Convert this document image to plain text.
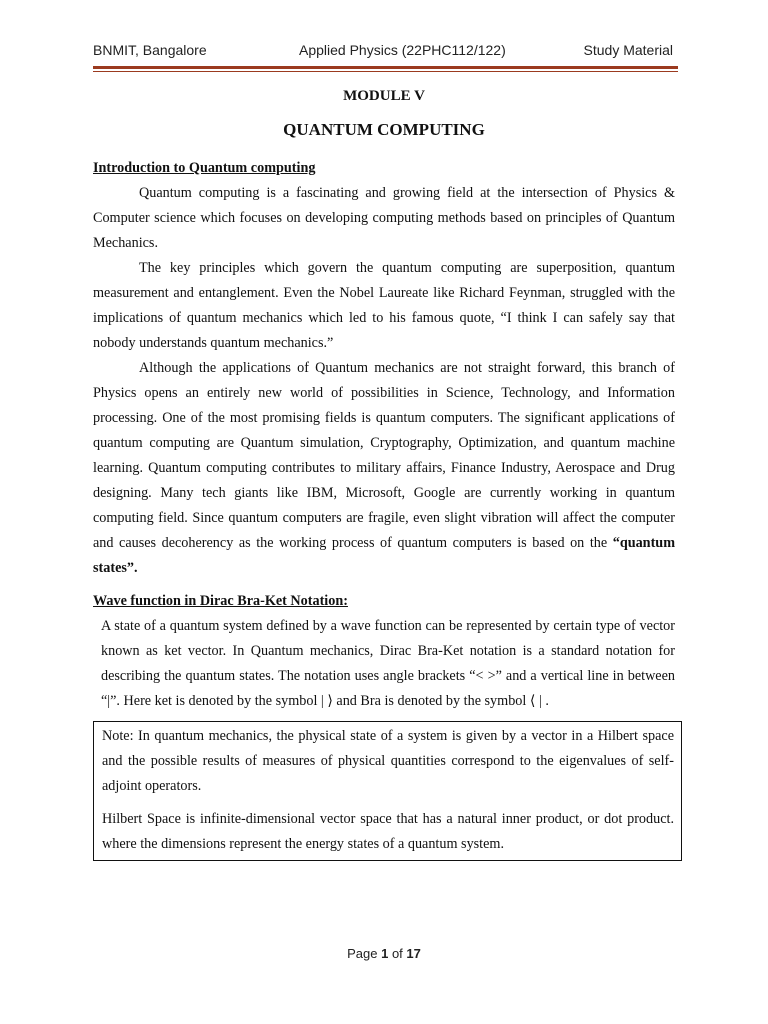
BNMIT, Bangalore	Applied Physics (22PHC112/122)	Study Material
MODULE V
QUANTUM COMPUTING
Introduction to Quantum computing

Quantum computing is a fascinating and growing field at the intersection of Physics & Computer science which focuses on developing computing methods based on principles of Quantum Mechanics.

The key principles which govern the quantum computing are superposition, quantum measurement and entanglement. Even the Nobel Laureate like Richard Feynman, struggled with the implications of quantum mechanics which led to his famous quote, “I think I can safely say that nobody understands quantum mechanics.”

Although the applications of Quantum mechanics are not straight forward, this branch of Physics opens an entirely new world of possibilities in Science, Technology, and Information processing. One of the most promising fields is quantum computers. The significant applications of quantum computing are Quantum simulation, Cryptography, Optimization, and quantum machine learning. Quantum computing contributes to military affairs, Finance Industry, Aerospace and Drug designing. Many tech giants like IBM, Microsoft, Google are currently working in quantum computing field. Since quantum computers are fragile, even slight vibration will affect the computer and causes decoherency as the working process of quantum computers is based on the “quantum states”.

Wave function in Dirac Bra-Ket Notation:

A state of a quantum system defined by a wave function can be represented by certain type of vector known as ket vector. In Quantum mechanics, Dirac Bra-Ket notation is a standard notation for describing the quantum states. The notation uses angle brackets “< >” and a vertical line in between “|”. Here ket is denoted by the symbol | ⟩ and Bra is denoted by the symbol ⟨ | .

Note: In quantum mechanics, the physical state of a system is given by a vector in a Hilbert space and the possible results of measures of physical quantities correspond to the eigenvalues of self-adjoint operators.

Hilbert Space is infinite-dimensional vector space that has a natural inner product, or dot product. where the dimensions represent the energy states of a quantum system.

Page 1 of 17
